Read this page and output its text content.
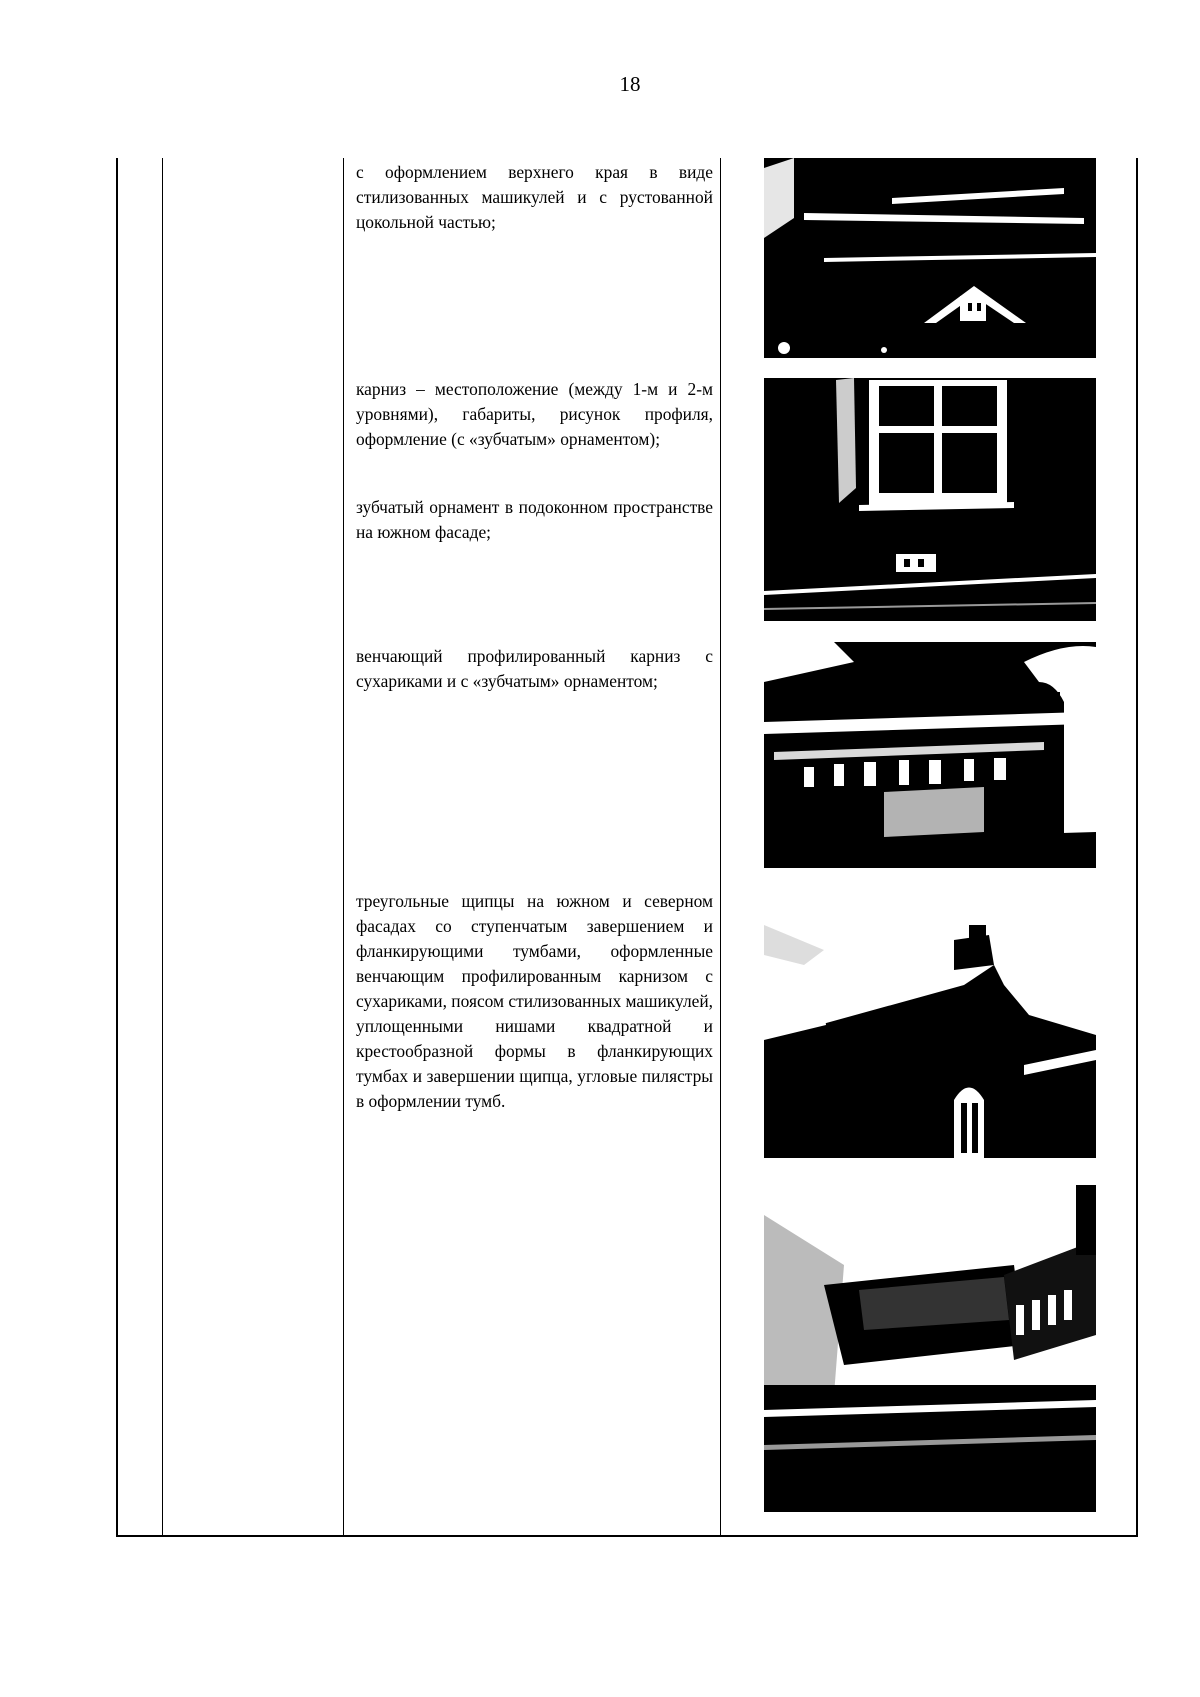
18
с оформлением верхнего края в виде стилизованных машикулей и с рустованной цокольной частью;
карниз – местоположение (между 1-м и 2-м уровнями), габариты, рисунок профиля, оформление (с «зубчатым» орнаментом);
зубчатый орнамент в подоконном пространстве на южном фасаде;
венчающий профилированный карниз с сухариками и с «зубчатым» орнаментом;
треугольные щипцы на южном и северном фасадах со ступенчатым завершением и фланкирующими тумбами, оформленные венчающим профилированным карнизом с сухариками, поясом стилизованных машикулей, уплощенными нишами квадратной и крестообразной формы в фланкирующих тумбах и завершении щипца, угловые пилястры в оформлении тумб.
